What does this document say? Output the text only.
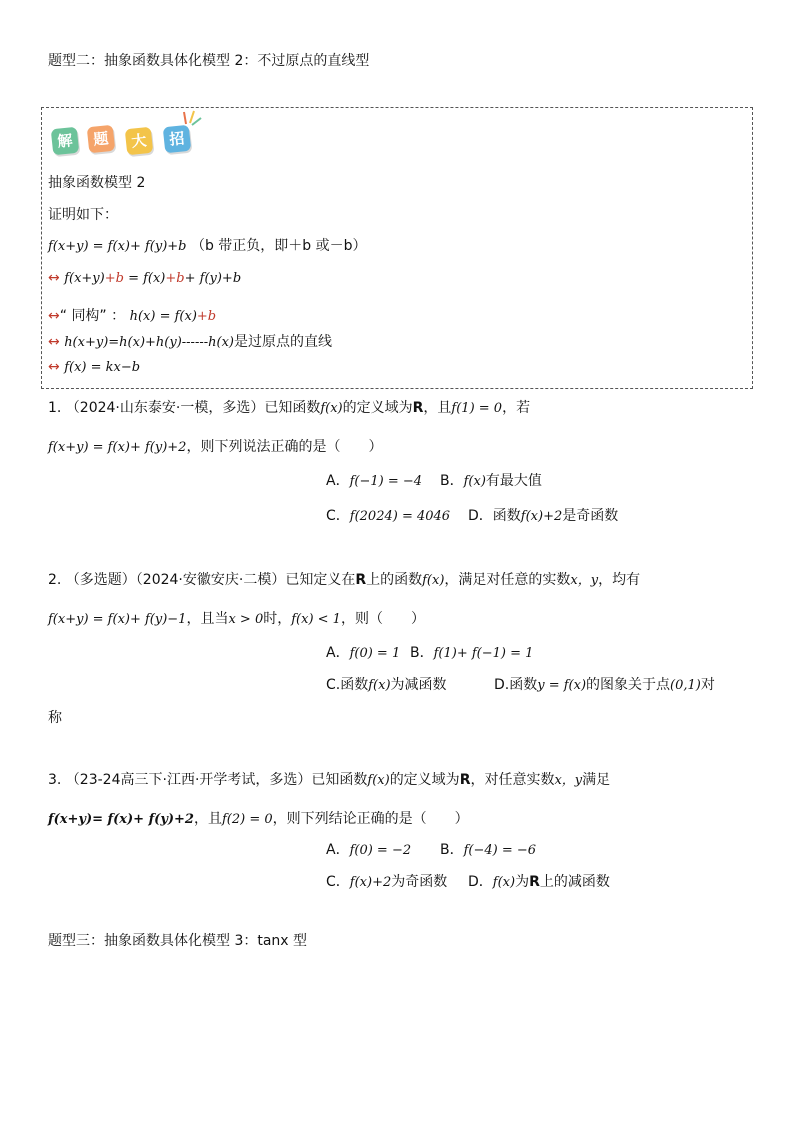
题型二：抽象函数具体化模型 2：不过原点的直线型
解	题	大	招
抽象函数模型 2
证明如下：
f(x+y) = f(x)+ f(y)+b （b 带正负，即＋b 或－b）
↔ f(x+y)+b = f(x)+b+ f(y)+b
↔“ 同构” ： h(x) = f(x)+b
↔ h(x+y)=h(x)+h(y)------h(x)是过原点的直线
↔ f(x) = kx−b
1. （2024·山东泰安·一模，多选）已知函数f(x)的定义域为R，且f(1) = 0，若
f(x+y) = f(x)+ f(y)+2，则下列说法正确的是（　　）
A．f(−1) = −4 B．f(x)有最大值
C．f(2024) = 4046 D．函数f(x)+2是奇函数
2. （多选题）（2024·安徽安庆·二模）已知定义在R上的函数f(x)，满足对任意的实数x，y，均有
f(x+y) = f(x)+ f(y)−1，且当x > 0时，f(x) < 1，则（　　）
A．f(0) = 1 B．f(1)+ f(−1) = 1
C.函数f(x)为减函数	D.函数y = f(x)的图象关于点(0,1)对
称
3. （23-24高三下·江西·开学考试，多选）已知函数f(x)的定义域为R，对任意实数x，y满足
f(x+y)= f(x)+ f(y)+2，且f(2) = 0，则下列结论正确的是（　　）
A．f(0) = −2 B．f(−4) = −6
C．f(x)+2为奇函数 D．f(x)为R上的减函数
题型三：抽象函数具体化模型 3：tanx 型
